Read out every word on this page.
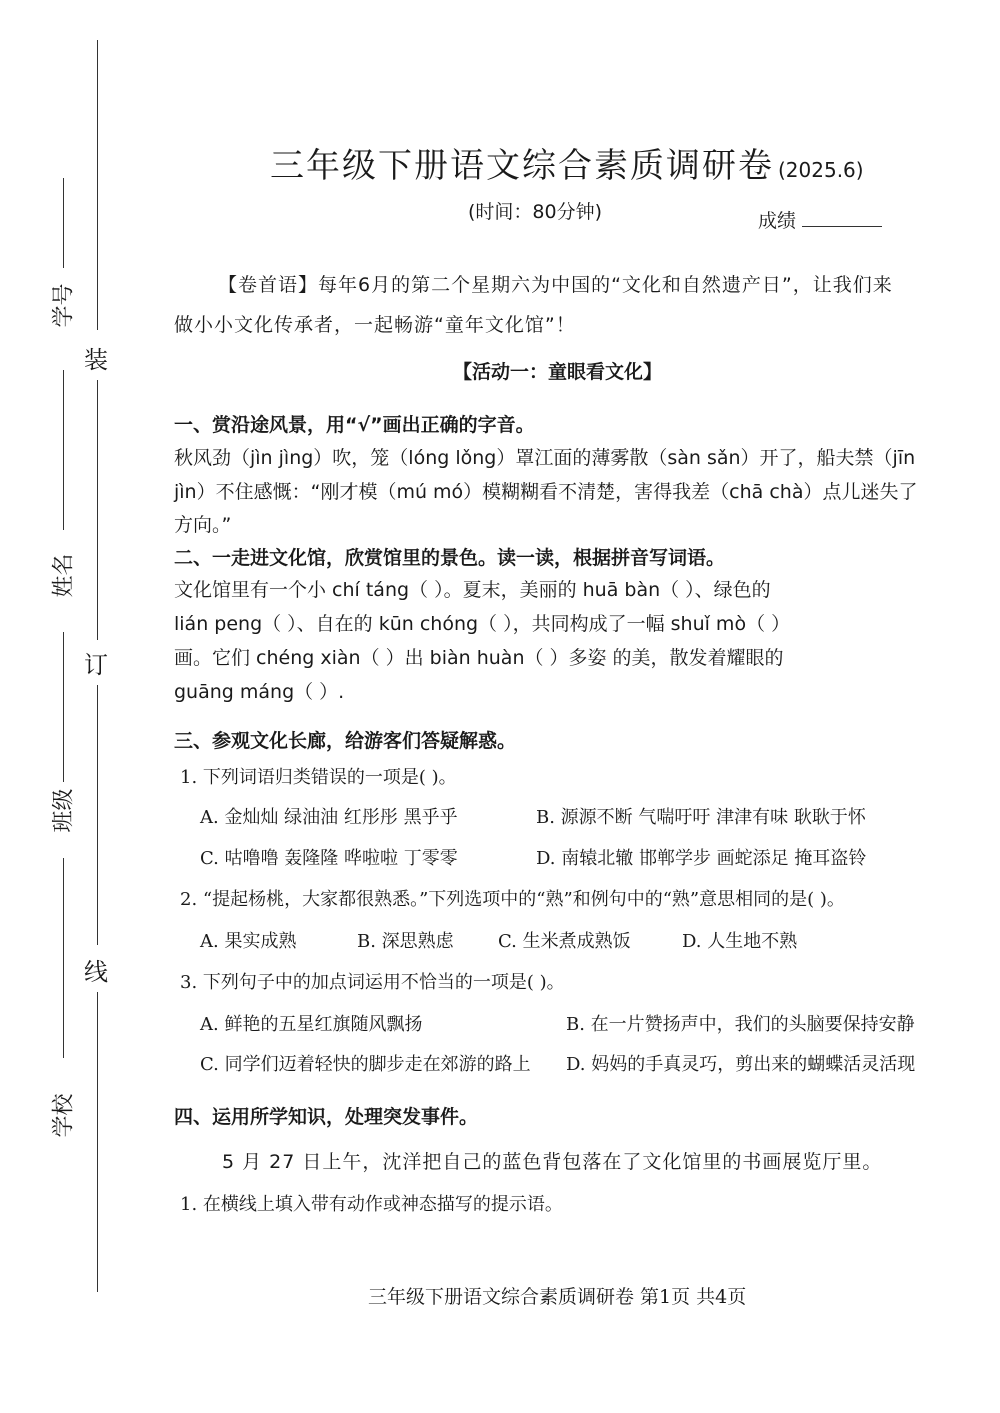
装
订
线
学号
姓名
班级
学校
三年级下册语文综合素质调研卷 (2025.6)
(时间：80分钟)	成绩
【卷首语】每年6月的第二个星期六为中国的“文化和自然遗产日”，让我们来
做小小文化传承者，一起畅游“童年文化馆”！
【活动一：童眼看文化】
一、赏沿途风景，用“√”画出正确的字音。
秋风劲（jìn jìng）吹，笼（lóng lǒng）罩江面的薄雾散（sàn sǎn）开了，船夫禁（jīn
jìn）不住感慨：“刚才模（mú mó）模糊糊看不清楚，害得我差（chā chà）点儿迷失了
方向。”
二、一走进文化馆，欣赏馆里的景色。读一读，根据拼音写词语。
文化馆里有一个小 chí táng（ ）。夏末，美丽的 huā bàn（ ）、绿色的
lián peng（ ）、自在的 kūn chóng（ ），共同构成了一幅 shuǐ mò（ ）
画。它们 chéng xiàn（ ）出 biàn huàn（ ）多姿 的美，散发着耀眼的
guāng máng（ ）.
三、参观文化长廊，给游客们答疑解惑。
1. 下列词语归类错误的一项是( )。
A. 金灿灿 绿油油 红彤彤 黑乎乎	B. 源源不断 气喘吁吁 津津有味 耿耿于怀
C. 咕噜噜 轰隆隆 哗啦啦 丁零零	D. 南辕北辙 邯郸学步 画蛇添足 掩耳盗铃
2. “提起杨桃，大家都很熟悉。”下列选项中的“熟”和例句中的“熟”意思相同的是( )。
A. 果实成熟	B. 深思熟虑 C. 生米煮成熟饭	D. 人生地不熟
3. 下列句子中的加点词运用不恰当的一项是( )。
A. 鲜艳的五星红旗随风飘扬	B. 在一片赞扬声中，我们的头脑要保持安静
C. 同学们迈着轻快的脚步走在郊游的路上 D. 妈妈的手真灵巧，剪出来的蝴蝶活灵活现
四、运用所学知识，处理突发事件。
5 月 27 日上午，沈洋把自己的蓝色背包落在了文化馆里的书画展览厅里。
1. 在横线上填入带有动作或神态描写的提示语。
三年级下册语文综合素质调研卷 第1页 共4页
